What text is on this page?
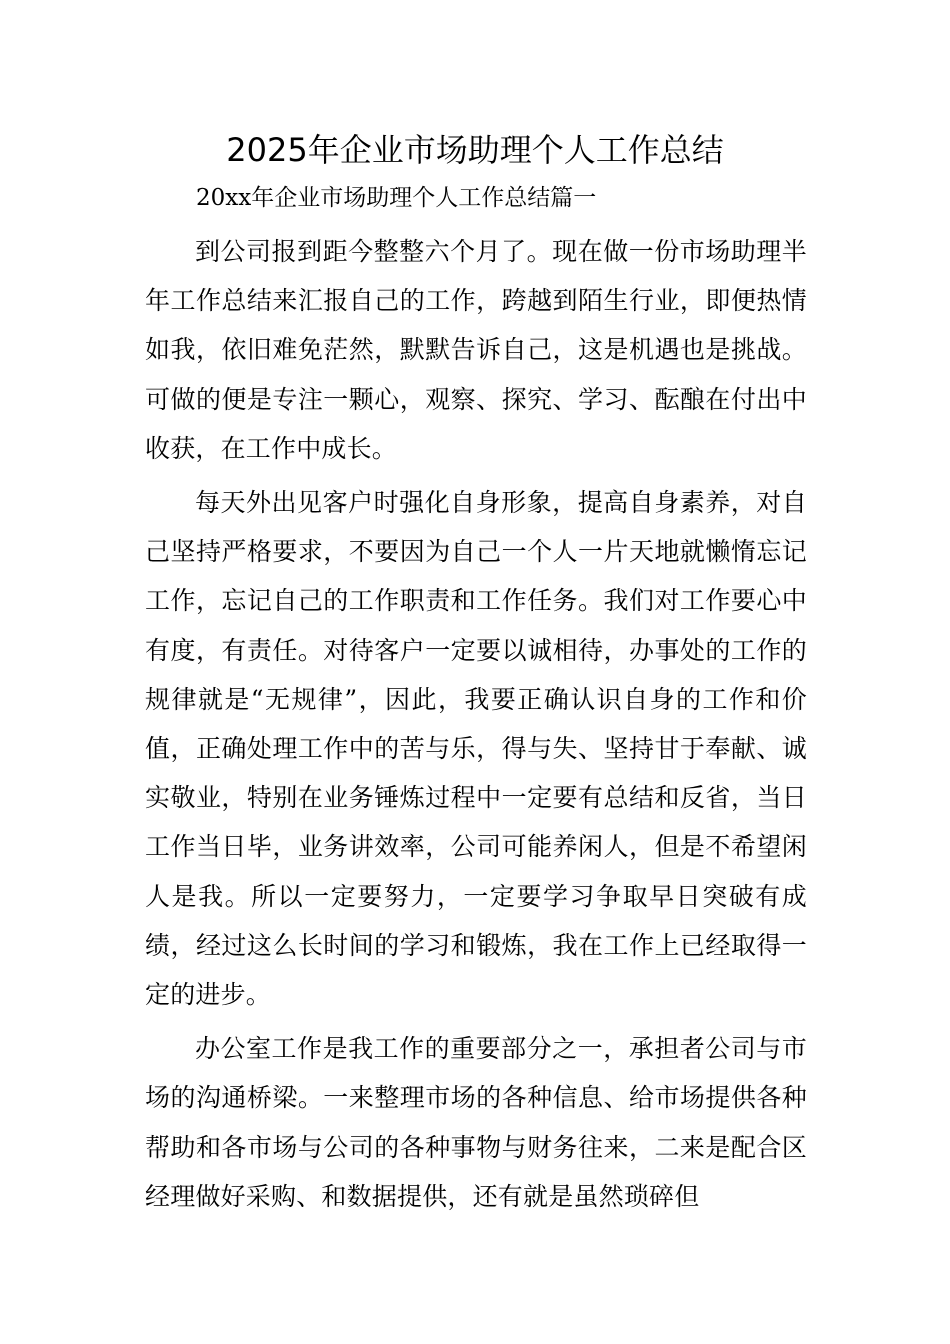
2025年企业市场助理个人工作总结

20xx年企业市场助理个人工作总结篇一

到公司报到距今整整六个月了。现在做一份市场助理半年工作总结来汇报自己的工作，跨越到陌生行业，即便热情如我，依旧难免茫然，默默告诉自己，这是机遇也是挑战。可做的便是专注一颗心，观察、探究、学习、酝酿在付出中收获，在工作中成长。

每天外出见客户时强化自身形象，提高自身素养，对自己坚持严格要求，不要因为自己一个人一片天地就懒惰忘记工作，忘记自己的工作职责和工作任务。我们对工作要心中有度，有责任。对待客户一定要以诚相待，办事处的工作的规律就是“无规律”，因此，我要正确认识自身的工作和价值，正确处理工作中的苦与乐，得与失、坚持甘于奉献、诚实敬业，特别在业务锤炼过程中一定要有总结和反省，当日工作当日毕，业务讲效率，公司可能养闲人，但是不希望闲人是我。所以一定要努力，一定要学习争取早日突破有成绩，经过这么长时间的学习和锻炼，我在工作上已经取得一定的进步。

办公室工作是我工作的重要部分之一，承担者公司与市场的沟通桥梁。一来整理市场的各种信息、给市场提供各种帮助和各市场与公司的各种事物与财务往来，二来是配合区经理做好采购、和数据提供，还有就是虽然琐碎但
